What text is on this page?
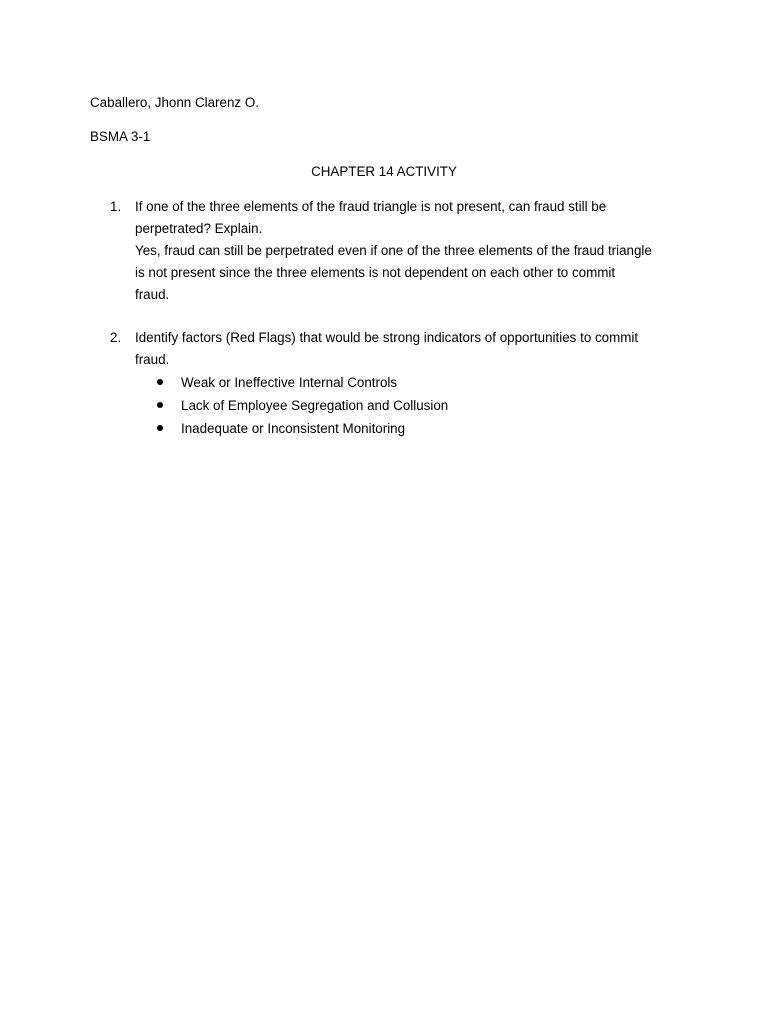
Caballero, Jhonn Clarenz O.
BSMA 3-1
CHAPTER 14 ACTIVITY
1. If one of the three elements of the fraud triangle is not present, can fraud still be
perpetrated? Explain.
Yes, fraud can still be perpetrated even if one of the three elements of the fraud triangle
is not present since the three elements is not dependent on each other to commit
fraud.
2. Identify factors (Red Flags) that would be strong indicators of opportunities to commit
fraud.
Weak or Ineffective Internal Controls
Lack of Employee Segregation and Collusion
Inadequate or Inconsistent Monitoring
